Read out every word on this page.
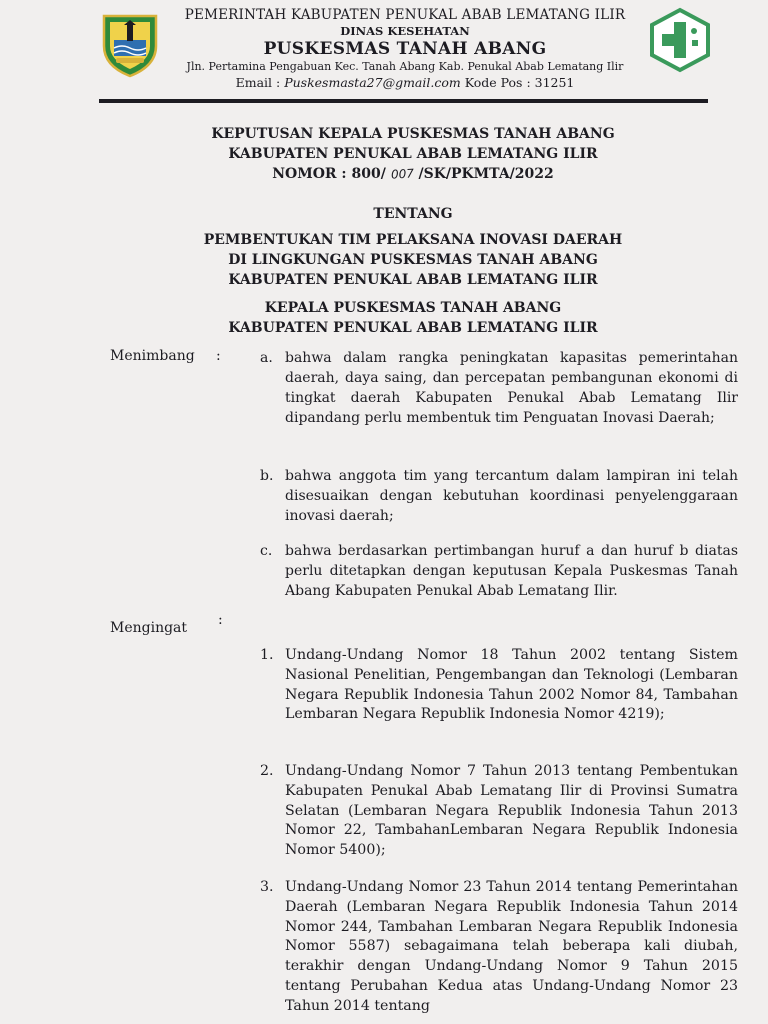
PEMERINTAH KABUPATEN PENUKAL ABAB LEMATANG ILIR
DINAS KESEHATAN
PUSKESMAS TANAH ABANG
Jln. Pertamina Pengabuan Kec. Tanah Abang Kab. Penukal Abab Lematang Ilir
Email : Puskesmasta27@gmail.com Kode Pos : 31251
KEPUTUSAN KEPALA PUSKESMAS TANAH ABANG
KABUPATEN PENUKAL ABAB LEMATANG ILIR
NOMOR : 800/ 007 /SK/PKMTA/2022
TENTANG
PEMBENTUKAN TIM PELAKSANA INOVASI DAERAH
DI LINGKUNGAN PUSKESMAS TANAH ABANG
KABUPATEN PENUKAL ABAB LEMATANG ILIR
KEPALA PUSKESMAS TANAH ABANG
KABUPATEN PENUKAL ABAB LEMATANG ILIR
Menimbang :	a. bahwa dalam rangka peningkatan kapasitas pemerintahan daerah, daya saing, dan percepatan pembangunan ekonomi di tingkat daerah Kabupaten Penukal Abab Lematang Ilir dipandang perlu membentuk tim Penguatan Inovasi Daerah;
b. bahwa anggota tim yang tercantum dalam lampiran ini telah disesuaikan dengan kebutuhan koordinasi penyelenggaraan inovasi daerah;
c. bahwa berdasarkan pertimbangan huruf a dan huruf b diatas perlu ditetapkan dengan keputusan Kepala Puskesmas Tanah Abang Kabupaten Penukal Abab Lematang Ilir.
Mengingat :
1. Undang-Undang Nomor 18 Tahun 2002 tentang Sistem Nasional Penelitian, Pengembangan dan Teknologi (Lembaran Negara Republik Indonesia Tahun 2002 Nomor 84, Tambahan Lembaran Negara Republik Indonesia Nomor 4219);
2. Undang-Undang Nomor 7 Tahun 2013 tentang Pembentukan Kabupaten Penukal Abab Lematang Ilir di Provinsi Sumatra Selatan (Lembaran Negara Republik Indonesia Tahun 2013 Nomor 22, TambahanLembaran Negara Republik Indonesia Nomor 5400);
3. Undang-Undang Nomor 23 Tahun 2014 tentang Pemerintahan Daerah (Lembaran Negara Republik Indonesia Tahun 2014 Nomor 244, Tambahan Lembaran Negara Republik Indonesia Nomor 5587) sebagaimana telah beberapa kali diubah, terakhir dengan Undang-Undang Nomor 9 Tahun 2015 tentang Perubahan Kedua atas Undang-Undang Nomor 23 Tahun 2014 tentang
